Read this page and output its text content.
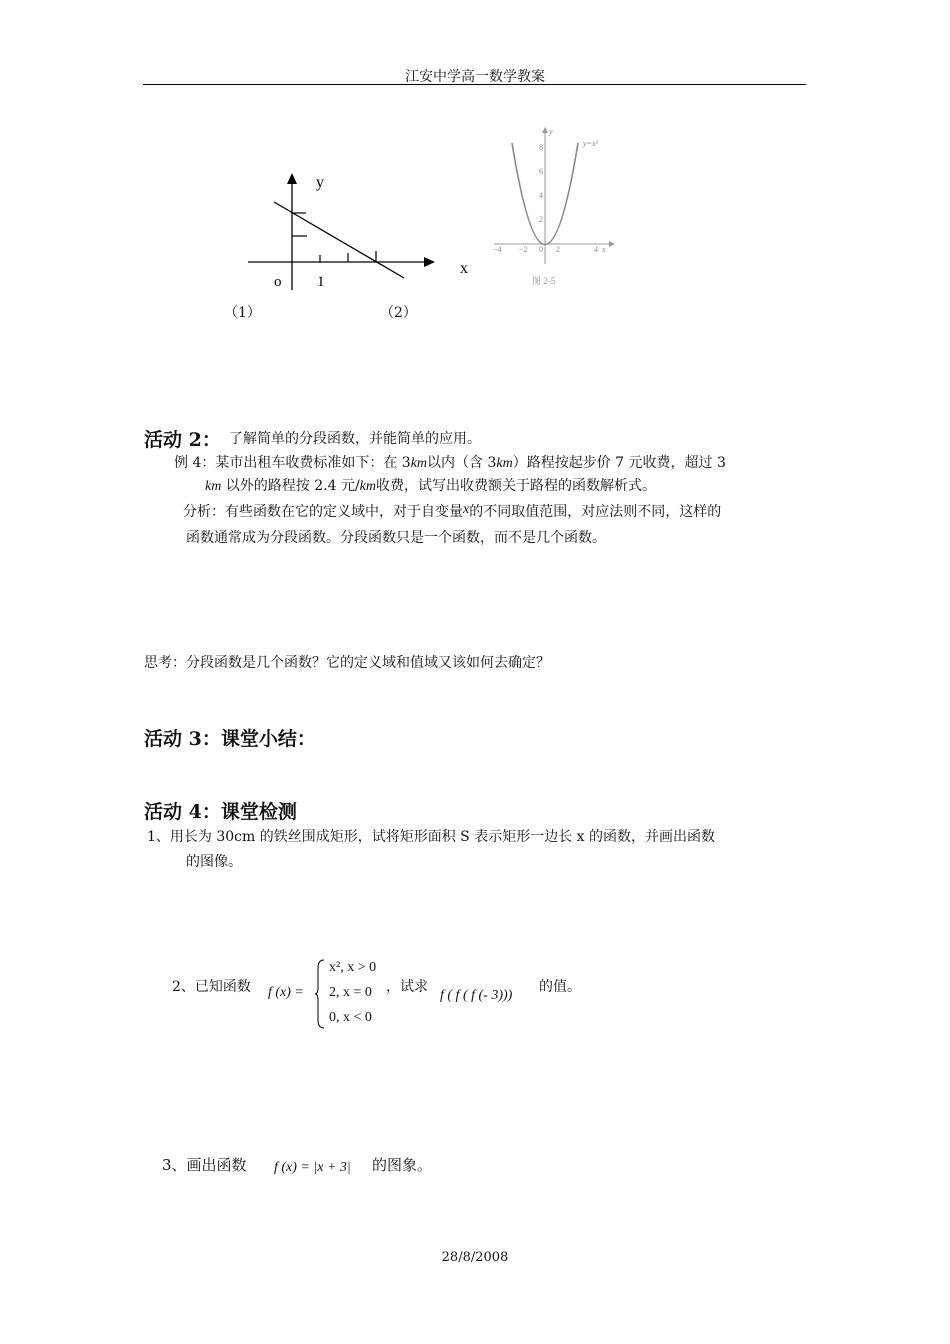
江安中学高一数学教案
y
x
o 1
−4 −2 0 2	4 x
8
6
4
2
y
y=x²
图 2-5
（1）	（2）
活动 2： 了解简单的分段函数，并能简单的应用。
例 4：某市出租车收费标准如下：在 3km以内（含 3km）路程按起步价 7 元收费，超过 3
km 以外的路程按 2.4 元/km收费，试写出收费额关于路程的函数解析式。
分析：有些函数在它的定义域中，对于自变量x的不同取值范围，对应法则不同，这样的
函数通常成为分段函数。分段函数只是一个函数，而不是几个函数。
思考：分段函数是几个函数？它的定义域和值域又该如何去确定？
活动 3：课堂小结：
活动 4：课堂检测
1、用长为 30cm 的铁丝围成矩形，试将矩形面积 S 表示矩形一边长 x 的函数，并画出函数
的图像。
2、已知函数 f (x) =
x², x > 0
2, x = 0
0, x < 0
，试求
f ( f ( f (- 3)))
的值。
3、画出函数 f (x) = |x + 3| 的图象。
28/8/2008
